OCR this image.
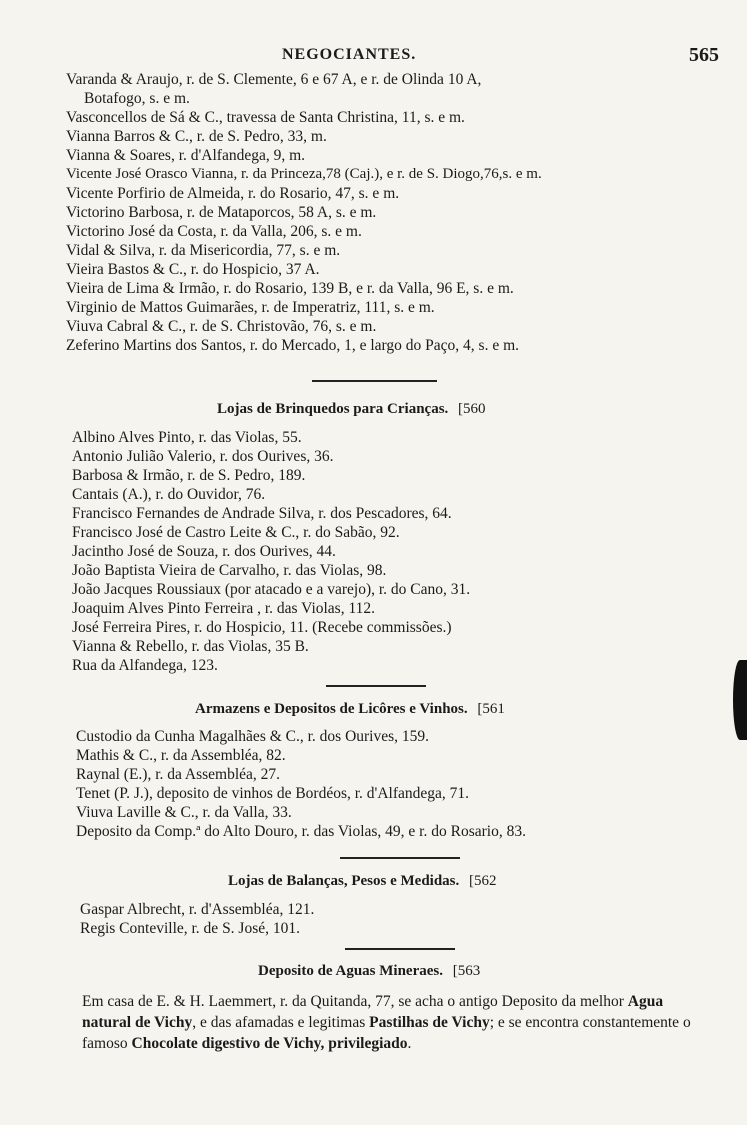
NEGOCIANTES.	565
Varanda & Araujo, r. de S. Clemente, 6 e 67 A, e r. de Olinda 10 A,
Botafogo, s. e m.
Vasconcellos de Sá & C., travessa de Santa Christina, 11, s. e m.
Vianna Barros & C., r. de S. Pedro, 33, m.
Vianna & Soares, r. d'Alfandega, 9, m.
Vicente José Orasco Vianna, r. da Princeza,78 (Caj.), e r. de S. Diogo,76,s. e m.
Vicente Porfirio de Almeida, r. do Rosario, 47, s. e m.
Victorino Barbosa, r. de Mataporcos, 58 A, s. e m.
Victorino José da Costa, r. da Valla, 206, s. e m.
Vidal & Silva, r. da Misericordia, 77, s. e m.
Vieira Bastos & C., r. do Hospicio, 37 A.
Vieira de Lima & Irmão, r. do Rosario, 139 B, e r. da Valla, 96 E, s. e m.
Virginio de Mattos Guimarães, r. de Imperatriz, 111, s. e m.
Viuva Cabral & C., r. de S. Christovão, 76, s. e m.
Zeferino Martins dos Santos, r. do Mercado, 1, e largo do Paço, 4, s. e m.
Lojas de Brinquedos para Crianças. [560
Albino Alves Pinto, r. das Violas, 55.
Antonio Julião Valerio, r. dos Ourives, 36.
Barbosa & Irmão, r. de S. Pedro, 189.
Cantais (A.), r. do Ouvidor, 76.
Francisco Fernandes de Andrade Silva, r. dos Pescadores, 64.
Francisco José de Castro Leite & C., r. do Sabão, 92.
Jacintho José de Souza, r. dos Ourives, 44.
João Baptista Vieira de Carvalho, r. das Violas, 98.
João Jacques Roussiaux (por atacado e a varejo), r. do Cano, 31.
Joaquim Alves Pinto Ferreira , r. das Violas, 112.
José Ferreira Pires, r. do Hospicio, 11. (Recebe commissões.)
Vianna & Rebello, r. das Violas, 35 B.
Rua da Alfandega, 123.
Armazens e Depositos de Licôres e Vinhos. [561
Custodio da Cunha Magalhães & C., r. dos Ourives, 159.
Mathis & C., r. da Assembléa, 82.
Raynal (E.), r. da Assembléa, 27.
Tenet (P. J.), deposito de vinhos de Bordéos, r. d'Alfandega, 71.
Viuva Laville & C., r. da Valla, 33.
Deposito da Comp.ª do Alto Douro, r. das Violas, 49, e r. do Rosario, 83.
Lojas de Balanças, Pesos e Medidas. [562
Gaspar Albrecht, r. d'Assembléa, 121.
Regis Conteville, r. de S. José, 101.
Deposito de Aguas Mineraes. [563
Em casa de E. & H. Laemmert, r. da Quitanda, 77, se acha o antigo Deposito da melhor Agua natural de Vichy, e das afamadas e legitimas Pastilhas de Vichy; e se encontra constantemente o famoso Chocolate digestivo de Vichy, privilegiado.
